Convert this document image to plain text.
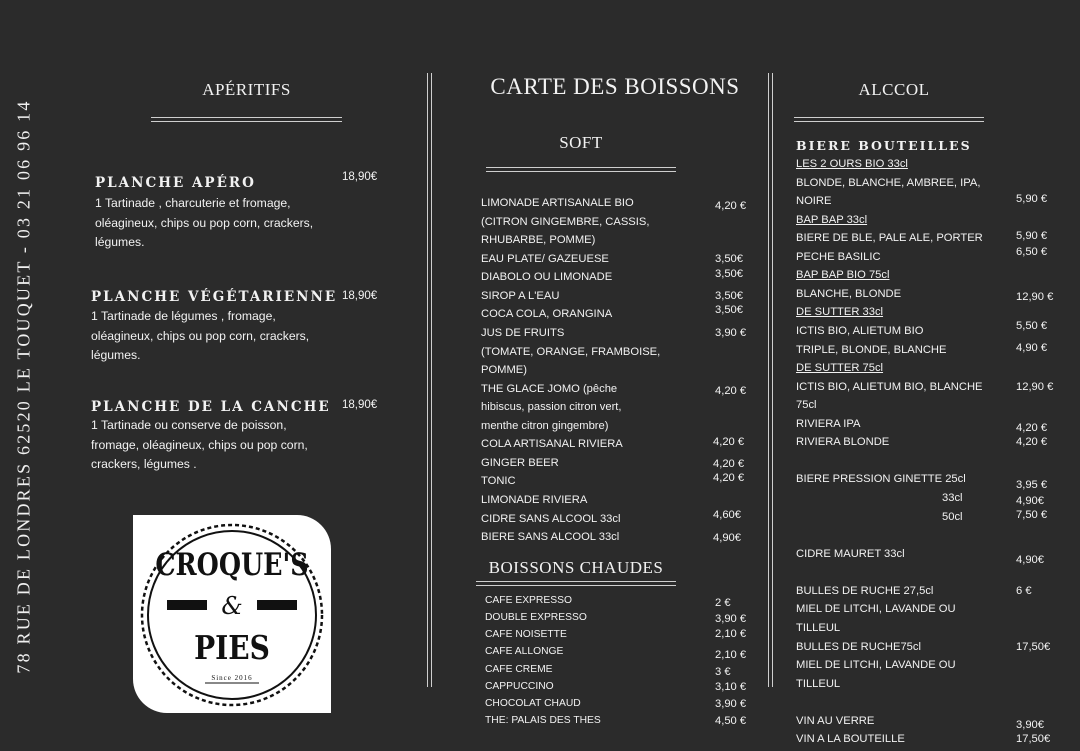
78 RUE DE LONDRES 62520 LE TOUQUET - 03 21 06 96 14
APÉRITIFS
PLANCHE APÉRO	18,90€
1 Tartinade , charcuterie et fromage,
oléagineux, chips ou pop corn, crackers,
légumes.
PLANCHE VÉGÉTARIENNE 18,90€
1 Tartinade de légumes , fromage,
oléagineux, chips ou pop corn, crackers,
légumes.
PLANCHE DE LA CANCHE 18,90€
1 Tartinade ou conserve de poisson,
fromage, oléagineux, chips ou pop corn,
crackers, légumes .
CROQUE'S
&
PIES
Since 2016
CARTE DES BOISSONS
SOFT
LIMONADE ARTISANALE BIO
(CITRON GINGEMBRE, CASSIS,
RHUBARBE, POMME)
EAU PLATE/ GAZEUESE
DIABOLO OU LIMONADE
SIROP A L'EAU
COCA COLA, ORANGINA
JUS DE FRUITS
(TOMATE, ORANGE, FRAMBOISE,
POMME)
THE GLACE JOMO (pêche
hibiscus, passion citron vert,
menthe citron gingembre)
COLA ARTISANAL RIVIERA
GINGER BEER
TONIC
LIMONADE RIVIERA
CIDRE SANS ALCOOL 33cl
BIERE SANS ALCOOL 33cl
4,20 €
3,50€
3,50€
3,50€
3,50€
3,90 €
4,20 €
4,20 €
4,20 €
4,20 €
4,60€
4,90€
BOISSONS CHAUDES
CAFE EXPRESSO
DOUBLE EXPRESSO
CAFE NOISETTE
CAFE ALLONGE
CAFE CREME
CAPPUCCINO
CHOCOLAT CHAUD
THE: PALAIS DES THES
2 €
3,90 €
2,10 €
2,10 €
3 €
3,10 €
3,90 €
4,50 €
ALCCOL
BIERE BOUTEILLES
LES 2 OURS BIO 33cl
BLONDE, BLANCHE, AMBREE, IPA,
NOIRE
BAP BAP 33cl
BIERE DE BLE, PALE ALE, PORTER
PECHE BASILIC
BAP BAP BIO 75cl
BLANCHE, BLONDE
DE SUTTER 33cl
ICTIS BIO, ALIETUM BIO
TRIPLE, BLONDE, BLANCHE
DE SUTTER 75cl
ICTIS BIO, ALIETUM BIO, BLANCHE
75cl
RIVIERA IPA
RIVIERA BLONDE
BIERE PRESSION GINETTE 25cl
33cl
50cl
CIDRE MAURET 33cl
BULLES DE RUCHE 27,5cl
MIEL DE LITCHI, LAVANDE OU
TILLEUL
BULLES DE RUCHE75cl
MIEL DE LITCHI, LAVANDE OU
TILLEUL
VIN AU VERRE
VIN A LA BOUTEILLE
5,90 €
5,90 €
6,50 €
12,90 €
5,50 €
4,90 €
12,90 €
4,20 €
4,20 €
3,95 €
4,90€
7,50 €
4,90€
6 €
17,50€
3,90€
17,50€
